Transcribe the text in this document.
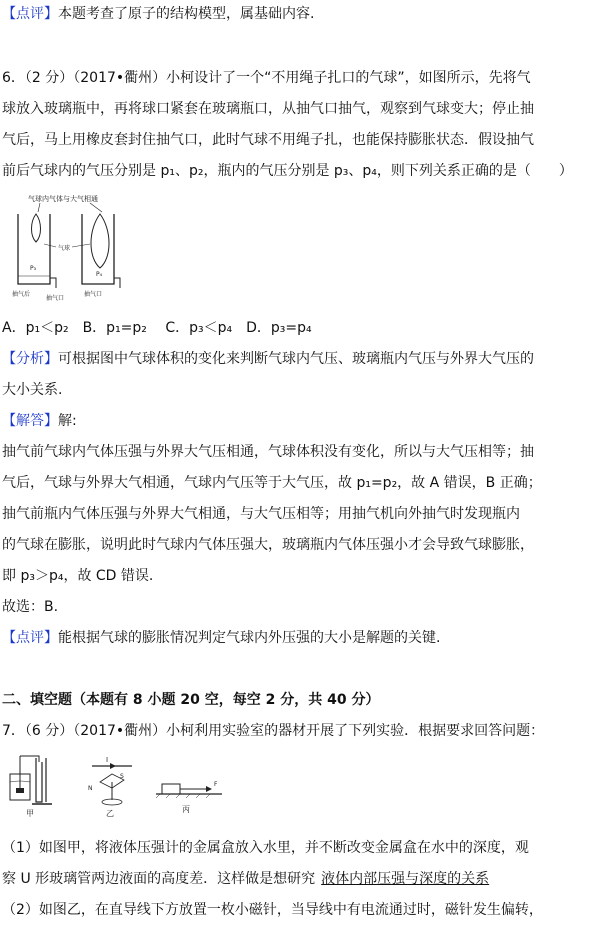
【点评】本题考查了原子的结构模型，属基础内容.
6．（2 分）（2017•衢州）小柯设计了一个“不用绳子扎口的气球”，如图所示，先将气
球放入玻璃瓶中，再将球口紧套在玻璃瓶口，从抽气口抽气，观察到气球变大；停止抽
气后，马上用橡皮套封住抽气口，此时气球不用绳子扎，也能保持膨胀状态．假设抽气
前后气球内的气压分别是 p₁、p₂，瓶内的气压分别是 p₃、p₄，则下列关系正确的是（　　）
气球内气体与大气相通
P₃
抽气后
气球
P₄
抽气口
抽气口
A．p₁＜p₂　B．p₁=p₂　 C．p₃＜p₄　D．p₃=p₄
【分析】可根据图中气球体积的变化来判断气球内气压、玻璃瓶内气压与外界大气压的
大小关系.
【解答】解:
抽气前气球内气体压强与外界大气压相通，气球体积没有变化，所以与大气压相等；抽
气后，气球与外界大气相通，气球内气压等于大气压，故 p₁=p₂，故 A 错误，B 正确；
抽气前瓶内气体压强与外界大气相通，与大气压相等；用抽气机向外抽气时发现瓶内
的气球在膨胀，说明此时气球内气体压强大，玻璃瓶内气体压强小才会导致气球膨胀，
即 p₃＞p₄，故 CD 错误.
故选：B.
【点评】能根据气球的膨胀情况判定气球内外压强的大小是解题的关键.
二、填空题（本题有 8 小题 20 空，每空 2 分，共 40 分）
7．（6 分）（2017•衢州）小柯利用实验室的器材开展了下列实验．根据要求回答问题：
甲
I
S
N
乙
F
丙
（1）如图甲，将液体压强计的金属盒放入水里，并不断改变金属盒在水中的深度，观
察 U 形玻璃管两边液面的高度差．这样做是想研究 液体内部压强与深度的关系
（2）如图乙，在直导线下方放置一枚小磁针，当导线中有电流通过时，磁针发生偏转，
